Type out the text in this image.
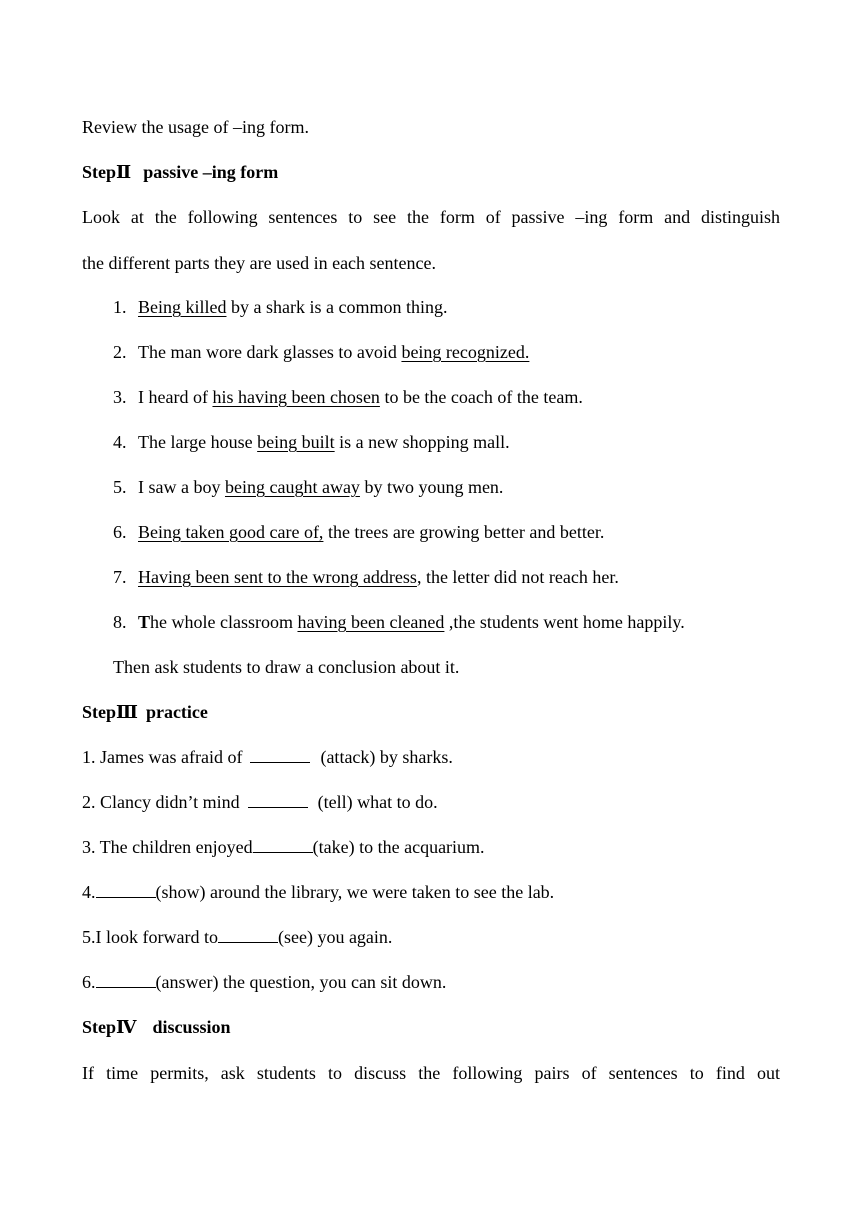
Review the usage of –ing form.
StepⅡ passive –ing form
Look at the following sentences to see the form of passive –ing form and distinguish
the different parts they are used in each sentence.
1. Being killed by a shark is a common thing.
2. The man wore dark glasses to avoid being recognized.
3. I heard of his having been chosen to be the coach of the team.
4. The large house being built is a new shopping mall.
5. I saw a boy being caught away by two young men.
6. Being taken good care of, the trees are growing better and better.
7. Having been sent to the wrong address, the letter did not reach her.
8. The whole classroom having been cleaned ,the students went home happily.
Then ask students to draw a conclusion about it.
StepⅢ practice
1. James was afraid of	(attack) by sharks.
2. Clancy didn’t mind	(tell) what to do.
3. The children enjoyed	(take) to the acquarium.
4.	(show) around the library, we were taken to see the lab.
5.I look forward to	(see) you again.
6.	(answer) the question, you can sit down.
StepⅣ discussion
If time permits, ask students to discuss the following pairs of sentences to find out
